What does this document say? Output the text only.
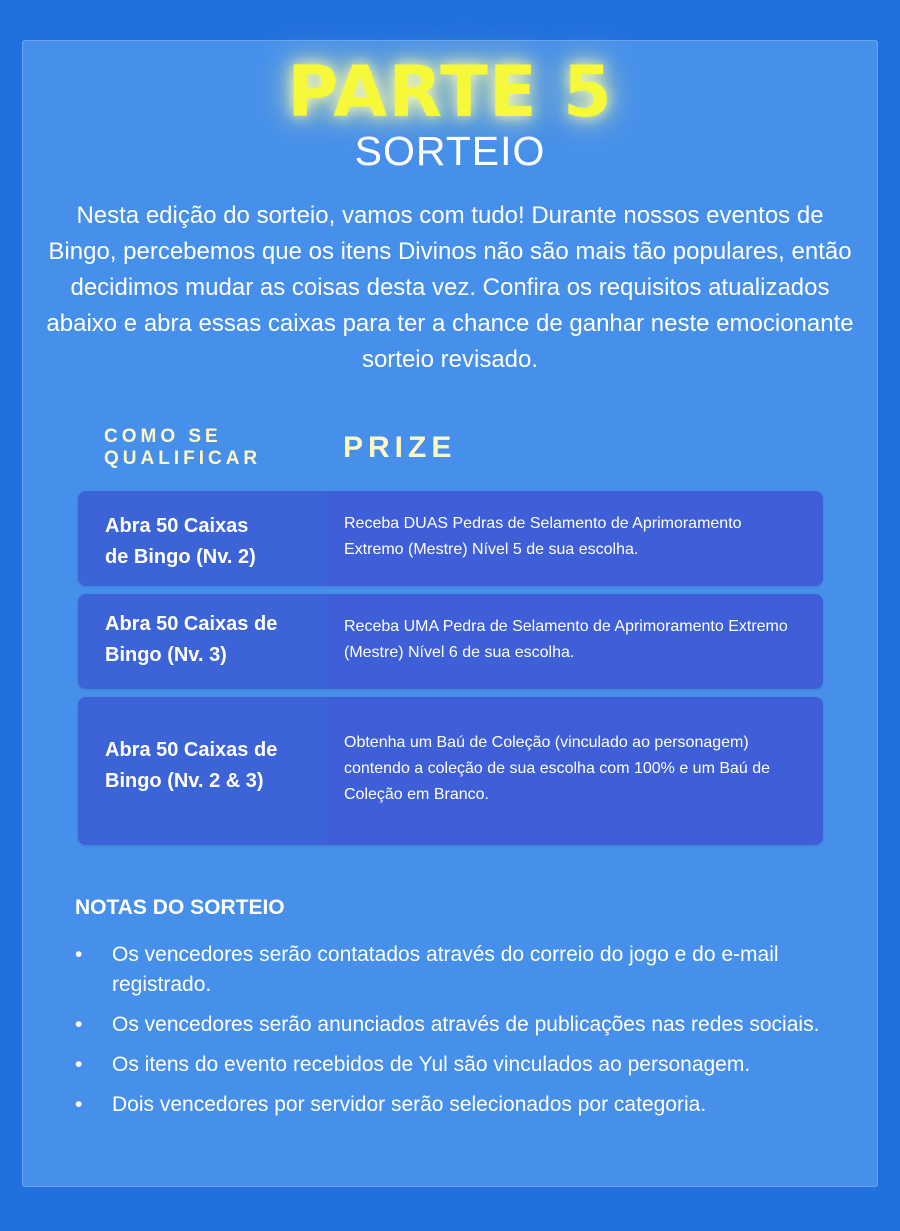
PARTE 5
SORTEIO
Nesta edição do sorteio, vamos com tudo! Durante nossos eventos de Bingo, percebemos que os itens Divinos não são mais tão populares, então decidimos mudar as coisas desta vez. Confira os requisitos atualizados abaixo e abra essas caixas para ter a chance de ganhar neste emocionante sorteio revisado.
COMO SE QUALIFICAR	PRIZE
Abra 50 Caixas de Bingo (Nv. 2)
Receba DUAS Pedras de Selamento de Aprimoramento Extremo (Mestre) Nível 5 de sua escolha.
Abra 50 Caixas de Bingo (Nv. 3)
Receba UMA Pedra de Selamento de Aprimoramento Extremo (Mestre) Nível 6 de sua escolha.
Abra 50 Caixas de Bingo (Nv. 2 & 3)
Obtenha um Baú de Coleção (vinculado ao personagem) contendo a coleção de sua escolha com 100% e um Baú de Coleção em Branco.
NOTAS DO SORTEIO
• Os vencedores serão contatados através do correio do jogo e do e-mail registrado.
• Os vencedores serão anunciados através de publicações nas redes sociais.
• Os itens do evento recebidos de Yul são vinculados ao personagem.
• Dois vencedores por servidor serão selecionados por categoria.
